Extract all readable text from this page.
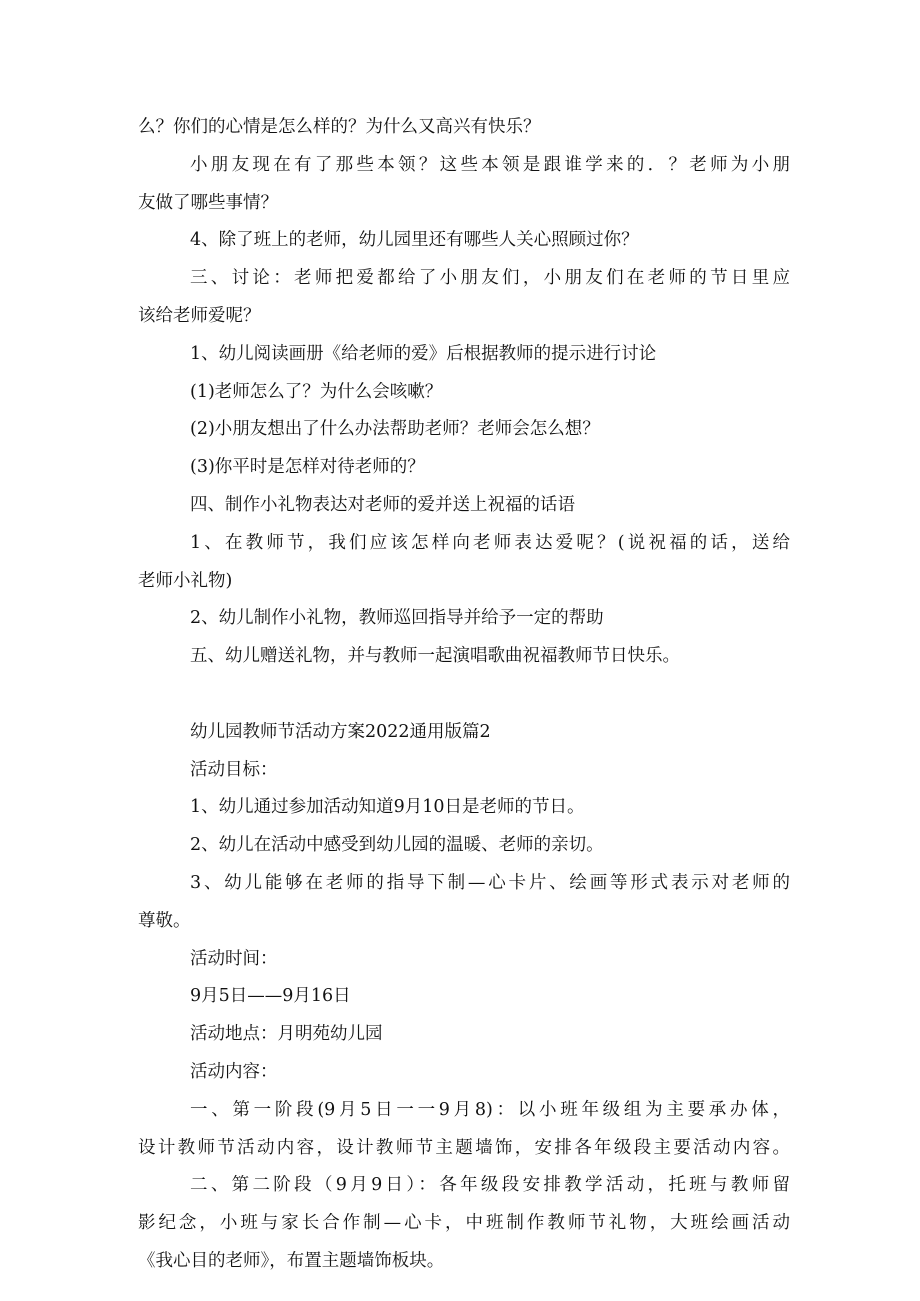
么？你们的心情是怎么样的？为什么又高兴有快乐？
小朋友现在有了那些本领？这些本领是跟谁学来的．？老师为小朋
友做了哪些事情？
4、除了班上的老师，幼儿园里还有哪些人关心照顾过你？
三、讨论：老师把爱都给了小朋友们，小朋友们在老师的节日里应
该给老师爱呢？
1、幼儿阅读画册《给老师的爱》后根据教师的提示进行讨论
(1)老师怎么了？为什么会咳嗽？
(2)小朋友想出了什么办法帮助老师？老师会怎么想？
(3)你平时是怎样对待老师的？
四、制作小礼物表达对老师的爱并送上祝福的话语
1、在教师节，我们应该怎样向老师表达爱呢？(说祝福的话，送给
老师小礼物)
2、幼儿制作小礼物，教师巡回指导并给予一定的帮助
五、幼儿赠送礼物，并与教师一起演唱歌曲祝福教师节日快乐。
幼儿园教师节活动方案2022通用版篇2
活动目标：
1、幼儿通过参加活动知道9月10日是老师的节日。
2、幼儿在活动中感受到幼儿园的温暖、老师的亲切。
3、幼儿能够在老师的指导下制—心卡片、绘画等形式表示对老师的
尊敬。
活动时间：
9月5日——9月16日
活动地点：月明苑幼儿园
活动内容：
一、第一阶段(9月5日一一9月8)：以小班年级组为主要承办体，
设计教师节活动内容，设计教师节主题墙饰，安排各年级段主要活动内容。
二、第二阶段（9月9日）：各年级段安排教学活动，托班与教师留
影纪念，小班与家长合作制—心卡，中班制作教师节礼物，大班绘画活动
《我心目的老师》，布置主题墙饰板块。
